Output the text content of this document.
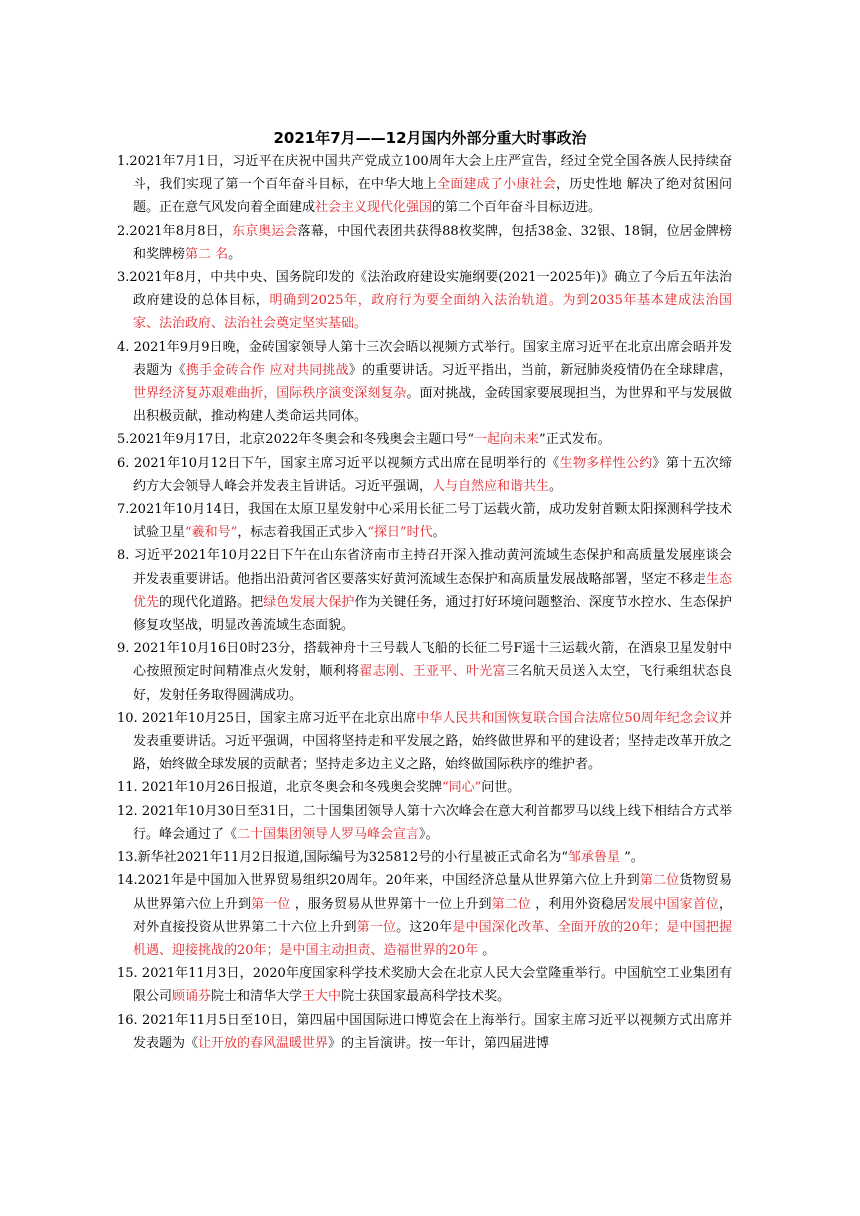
2021年7月——12月国内外部分重大时事政治
1.2021年7月1日，习近平在庆祝中国共产党成立100周年大会上庄严宣告，经过全党全国各族人民持续奋斗，我们实现了第一个百年奋斗目标，在中华大地上全面建成了小康社会，历史性地 解决了绝对贫困问题。正在意气风发向着全面建成社会主义现代化强国的第二个百年奋斗目标迈进。
2.2021年8月8日，东京奥运会落幕，中国代表团共获得88枚奖牌，包括38金、32银、18铜，位居金牌榜和奖牌榜第二 名。
3.2021年8月，中共中央、国务院印发的《法治政府建设实施纲要(2021一2025年)》确立了今后五年法治政府建设的总体目标，明确到2025年，政府行为要全面纳入法治轨道。为到2035年基本建成法治国家、法治政府、法治社会奠定坚实基础。
4. 2021年9月9日晚，金砖国家领导人第十三次会晤以视频方式举行。国家主席习近平在北京出席会晤并发表题为《携手金砖合作 应对共同挑战》的重要讲话。习近平指出，当前，新冠肺炎疫情仍在全球肆虐，世界经济复苏艰难曲折，国际秩序演变深刻复杂。面对挑战，金砖国家要展现担当，为世界和平与发展做出积极贡献，推动构建人类命运共同体。
5.2021年9月17日，北京2022年冬奥会和冬残奥会主题口号“一起向未来”正式发布。
6. 2021年10月12日下午，国家主席习近平以视频方式出席在昆明举行的《生物多样性公约》第十五次缔约方大会领导人峰会并发表主旨讲话。习近平强调，人与自然应和谐共生。
7.2021年10月14日，我国在太原卫星发射中心采用长征二号丁运载火箭，成功发射首颗太阳探测科学技术试验卫星“羲和号”，标志着我国正式步入“探日”时代。
8. 习近平2021年10月22日下午在山东省济南市主持召开深入推动黄河流域生态保护和高质量发展座谈会并发表重要讲话。他指出沿黄河省区要落实好黄河流域生态保护和高质量发展战略部署，坚定不移走生态优先的现代化道路。把绿色发展大保护作为关键任务，通过打好环境问题整治、深度节水控水、生态保护修复攻坚战，明显改善流域生态面貌。
9. 2021年10月16日0时23分，搭载神舟十三号载人飞船的长征二号F遥十三运载火箭，在酒泉卫星发射中心按照预定时间精准点火发射，顺利将翟志刚、王亚平、叶光富三名航天员送入太空，飞行乘组状态良好，发射任务取得圆满成功。
10. 2021年10月25日，国家主席习近平在北京出席中华人民共和国恢复联合国合法席位50周年纪念会议并发表重要讲话。习近平强调，中国将坚持走和平发展之路，始终做世界和平的建设者；坚持走改革开放之路，始终做全球发展的贡献者；坚持走多边主义之路，始终做国际秩序的维护者。
11. 2021年10月26日报道，北京冬奥会和冬残奥会奖牌“同心”问世。
12. 2021年10月30日至31日，二十国集团领导人第十六次峰会在意大利首都罗马以线上线下相结合方式举行。峰会通过了《二十国集团领导人罗马峰会宣言》。
13.新华社2021年11月2日报道,国际编号为325812号的小行星被正式命名为“邹承鲁星 ”。
14.2021年是中国加入世界贸易组织20周年。20年来，中国经济总量从世界第六位上升到第二位货物贸易从世界第六位上升到第一位 ，服务贸易从世界第十一位上升到第二位 ，利用外资稳居发展中国家首位，对外直接投资从世界第二十六位上升到第一位。这20年是中国深化改革、全面开放的20年；是中国把握机遇、迎接挑战的20年；是中国主动担责、造福世界的20年 。
15. 2021年11月3日，2020年度国家科学技术奖励大会在北京人民大会堂隆重举行。中国航空工业集团有限公司顾诵芬院士和清华大学王大中院士获国家最高科学技术奖。
16. 2021年11月5日至10日，第四届中国国际进口博览会在上海举行。国家主席习近平以视频方式出席并发表题为《让开放的春风温暖世界》的主旨演讲。按一年计，第四届进博
